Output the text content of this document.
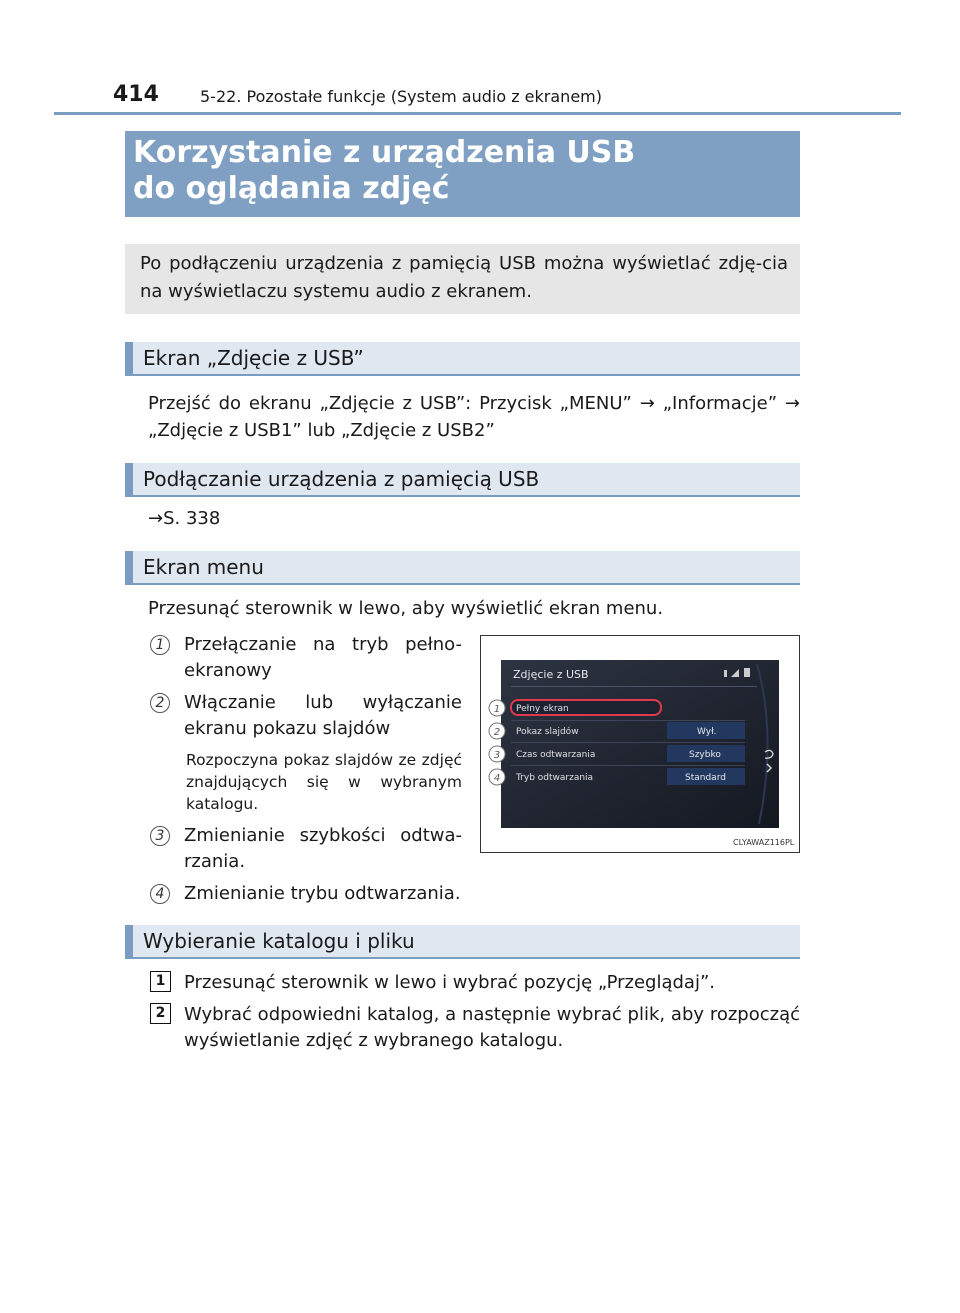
414	5-22. Pozostałe funkcje (System audio z ekranem)
Korzystanie z urządzenia USB
do oglądania zdjęć
Po podłączeniu urządzenia z pamięcią USB można wyświetlać zdję-cia na wyświetlaczu systemu audio z ekranem.
Ekran „Zdjęcie z USB”
Przejść do ekranu „Zdjęcie z USB”: Przycisk „MENU” → „Informacje” → „Zdjęcie z USB1” lub „Zdjęcie z USB2”
Podłączanie urządzenia z pamięcią USB
→S. 338
Ekran menu
Przesunąć sterownik w lewo, aby wyświetlić ekran menu.
1	Przełączanie na tryb pełno-ekranowy
2	Włączanie lub wyłączanie ekranu pokazu slajdów
Rozpoczyna pokaz slajdów ze zdjęć znajdujących się w wybranym katalogu.
3	Zmienianie szybkości odtwa-rzania.
4	Zmienianie trybu odtwarzania.
Zdjęcie z USB
Pełny ekran
Pokaz slajdów	Wył.
Czas odtwarzania	Szybko
Tryb odtwarzania	Standard
1
2
3
4
CLYAWAZ116PL
Wybieranie katalogu i pliku
1	Przesunąć sterownik w lewo i wybrać pozycję „Przeglądaj”.
2	Wybrać odpowiedni katalog, a następnie wybrać plik, aby rozpocząć wyświetlanie zdjęć z wybranego katalogu.
